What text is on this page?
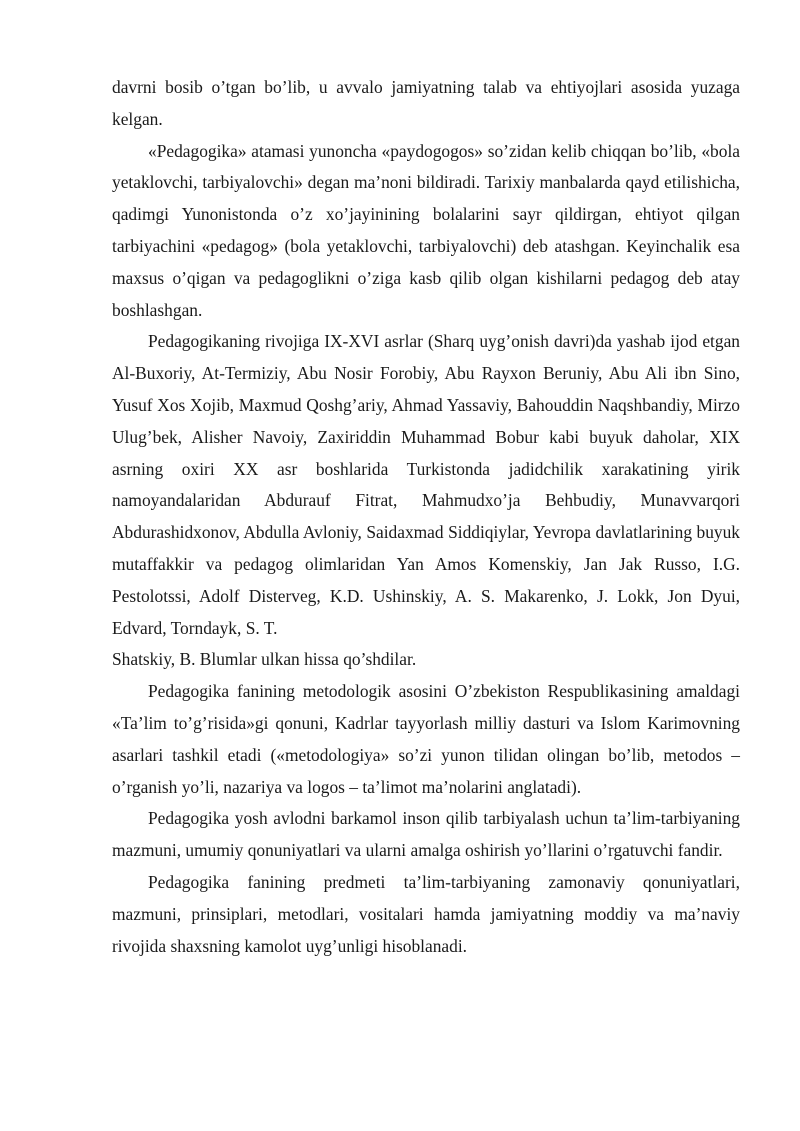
davrni bosib o’tgan bo’lib, u avvalo jamiyatning talab va ehtiyojlari asosida yuzaga kelgan.

«Pedagogika» atamasi yunoncha «paydogogos» so’zidan kelib chiqqan bo’lib, «bola yetaklovchi, tarbiyalovchi» degan ma’noni bildiradi. Tarixiy manbalarda qayd etilishicha, qadimgi Yunonistonda o’z xo’jayinining bolalarini sayr qildirgan, ehtiyot qilgan tarbiyachini «pedagog» (bola yetaklovchi, tarbiyalovchi) deb atashgan. Keyinchalik esa maxsus o’qigan va pedagoglikni o’ziga kasb qilib olgan kishilarni pedagog deb atay boshlashgan.

Pedagogikaning rivojiga IX-XVI asrlar (Sharq uyg’onish davri)da yashab ijod etgan Al-Buxoriy, At-Termiziy, Abu Nosir Forobiy, Abu Rayxon Beruniy, Abu Ali ibn Sino, Yusuf Xos Xojib, Maxmud Qoshg’ariy, Ahmad Yassaviy, Bahouddin Naqshbandiy, Mirzo Ulug’bek, Alisher Navoiy, Zaxiriddin Muhammad Bobur kabi buyuk daholar, XIX asrning oxiri XX asr boshlarida Turkistonda jadidchilik xarakatining yirik namoyandalaridan Abdurauf Fitrat, Mahmudxo’ja Behbudiy, Munavvarqori Abdurashidxonov, Abdulla Avloniy, Saidaxmad Siddiqiylar, Yevropa davlatlarining buyuk mutaffakkir va pedagog olimlaridan Yan Amos Komenskiy, Jan Jak Russo, I.G. Pestolotssi, Adolf Disterveg, K.D. Ushinskiy, A. S. Makarenko, J. Lokk, Jon Dyui, Edvard, Torndayk, S. T.

Shatskiy, B. Blumlar ulkan hissa qo’shdilar.

Pedagogika fanining metodologik asosini O’zbekiston Respublikasining amaldagi «Ta’lim to’g’risida»gi qonuni, Kadrlar tayyorlash milliy dasturi va Islom Karimovning asarlari tashkil etadi («metodologiya» so’zi yunon tilidan olingan bo’lib, metodos – o’rganish yo’li, nazariya va logos – ta’limot ma’nolarini anglatadi).

Pedagogika yosh avlodni barkamol inson qilib tarbiyalash uchun ta’lim-tarbiyaning mazmuni, umumiy qonuniyatlari va ularni amalga oshirish yo’llarini o’rgatuvchi fandir.

Pedagogika fanining predmeti ta’lim-tarbiyaning zamonaviy qonuniyatlari, mazmuni, prinsiplari, metodlari, vositalari hamda jamiyatning moddiy va ma’naviy rivojida shaxsning kamolot uyg’unligi hisoblanadi.
